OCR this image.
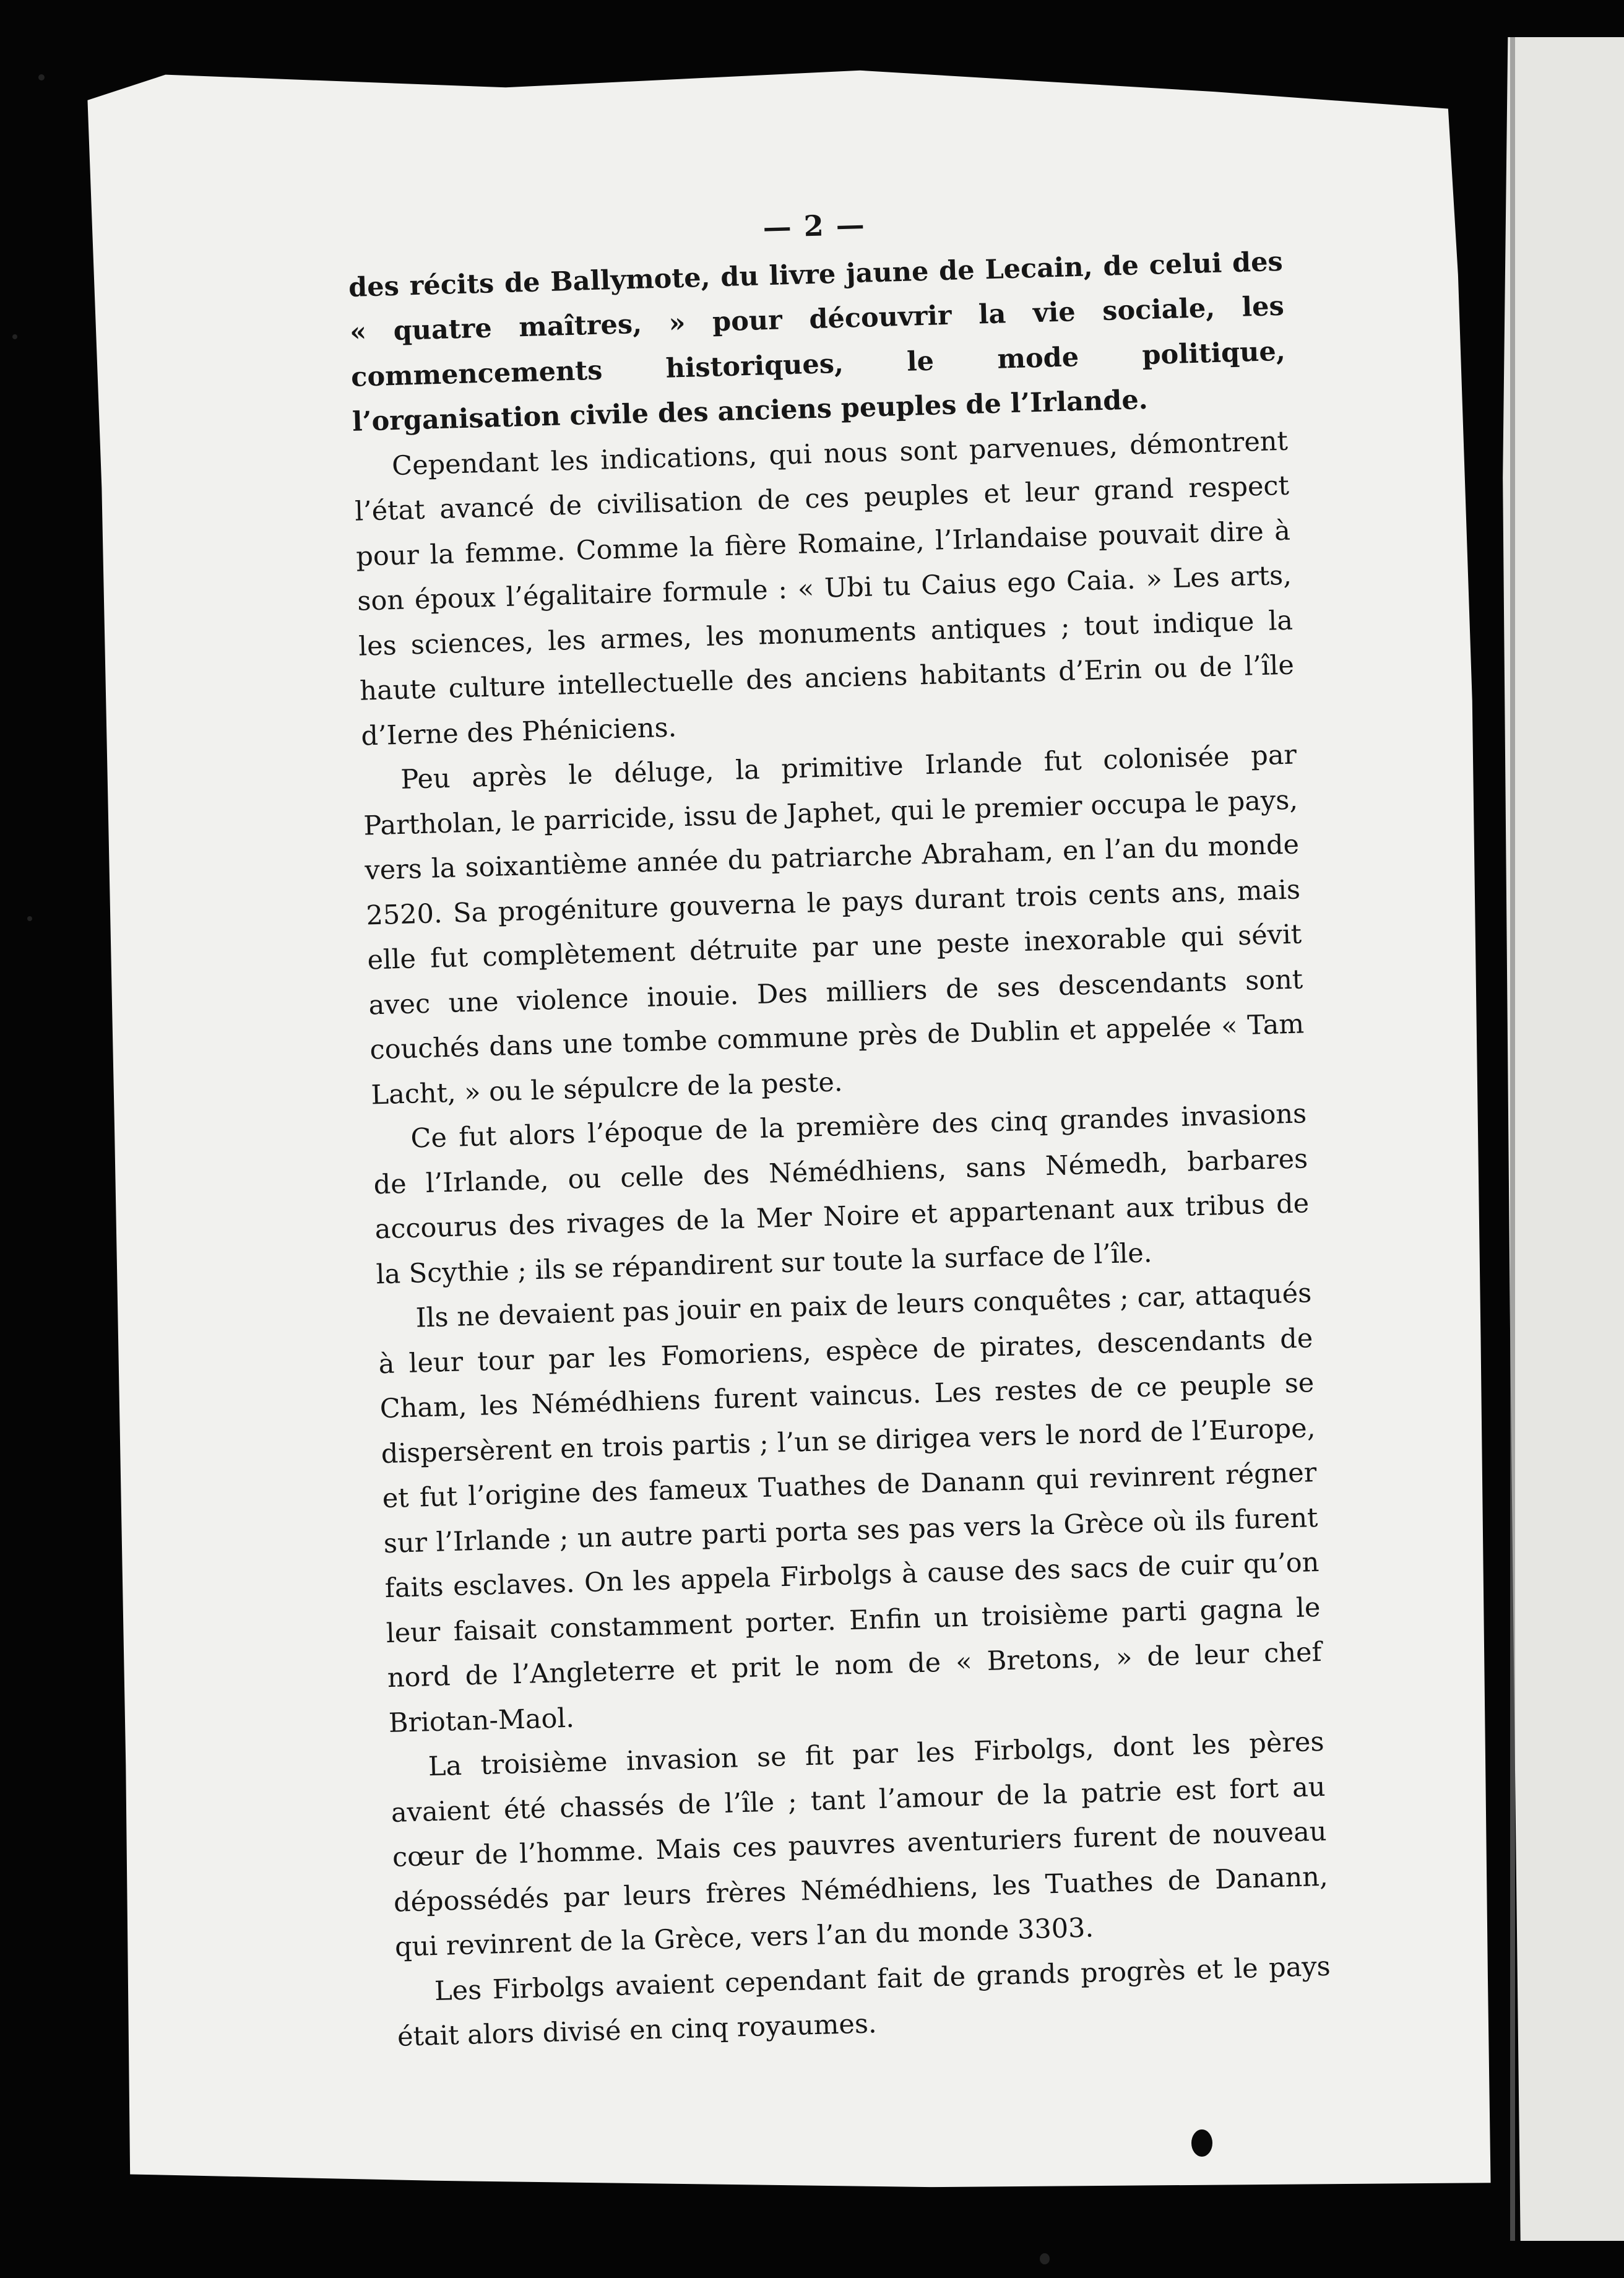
— 2 —

des récits de Ballymote, du livre jaune de Lecain, de celui des « quatre maîtres, » pour découvrir la vie sociale, les commencements historiques, le mode politique, l’organisation civile des anciens peuples de l’Irlande.

Cependant les indications, qui nous sont parvenues, démontrent l’état avancé de civilisation de ces peuples et leur grand respect pour la femme. Comme la fière Romaine, l’Irlandaise pouvait dire à son époux l’égalitaire formule : « Ubi tu Caius ego Caia. » Les arts, les sciences, les armes, les monuments antiques ; tout indique la haute culture intellectuelle des anciens habitants d’Erin ou de l’île d’Ierne des Phéniciens.

Peu après le déluge, la primitive Irlande fut colonisée par Partholan, le parricide, issu de Japhet, qui le premier occupa le pays, vers la soixantième année du patriarche Abraham, en l’an du monde 2520. Sa progéniture gouverna le pays durant trois cents ans, mais elle fut complètement détruite par une peste inexorable qui sévit avec une violence inouie. Des milliers de ses descendants sont couchés dans une tombe commune près de Dublin et appelée « Tam Lacht, » ou le sépulcre de la peste.

Ce fut alors l’époque de la première des cinq grandes invasions de l’Irlande, ou celle des Némédhiens, sans Némedh, barbares accourus des rivages de la Mer Noire et appartenant aux tribus de la Scythie ; ils se répandirent sur toute la surface de l’île.

Ils ne devaient pas jouir en paix de leurs conquêtes ; car, attaqués à leur tour par les Fomoriens, espèce de pirates, descendants de Cham, les Némédhiens furent vaincus. Les restes de ce peuple se dispersèrent en trois partis ; l’un se dirigea vers le nord de l’Europe, et fut l’origine des fameux Tuathes de Danann qui revinrent régner sur l’Irlande ; un autre parti porta ses pas vers la Grèce où ils furent faits esclaves. On les appela Firbolgs à cause des sacs de cuir qu’on leur faisait constamment porter. Enfin un troisième parti gagna le nord de l’Angleterre et prit le nom de « Bretons, » de leur chef Briotan-Maol.

La troisième invasion se fit par les Firbolgs, dont les pères avaient été chassés de l’île ; tant l’amour de la patrie est fort au cœur de l’homme. Mais ces pauvres aventuriers furent de nouveau dépossédés par leurs frères Némédhiens, les Tuathes de Danann, qui revinrent de la Grèce, vers l’an du monde 3303.

Les Firbolgs avaient cependant fait de grands progrès et le pays était alors divisé en cinq royaumes.
